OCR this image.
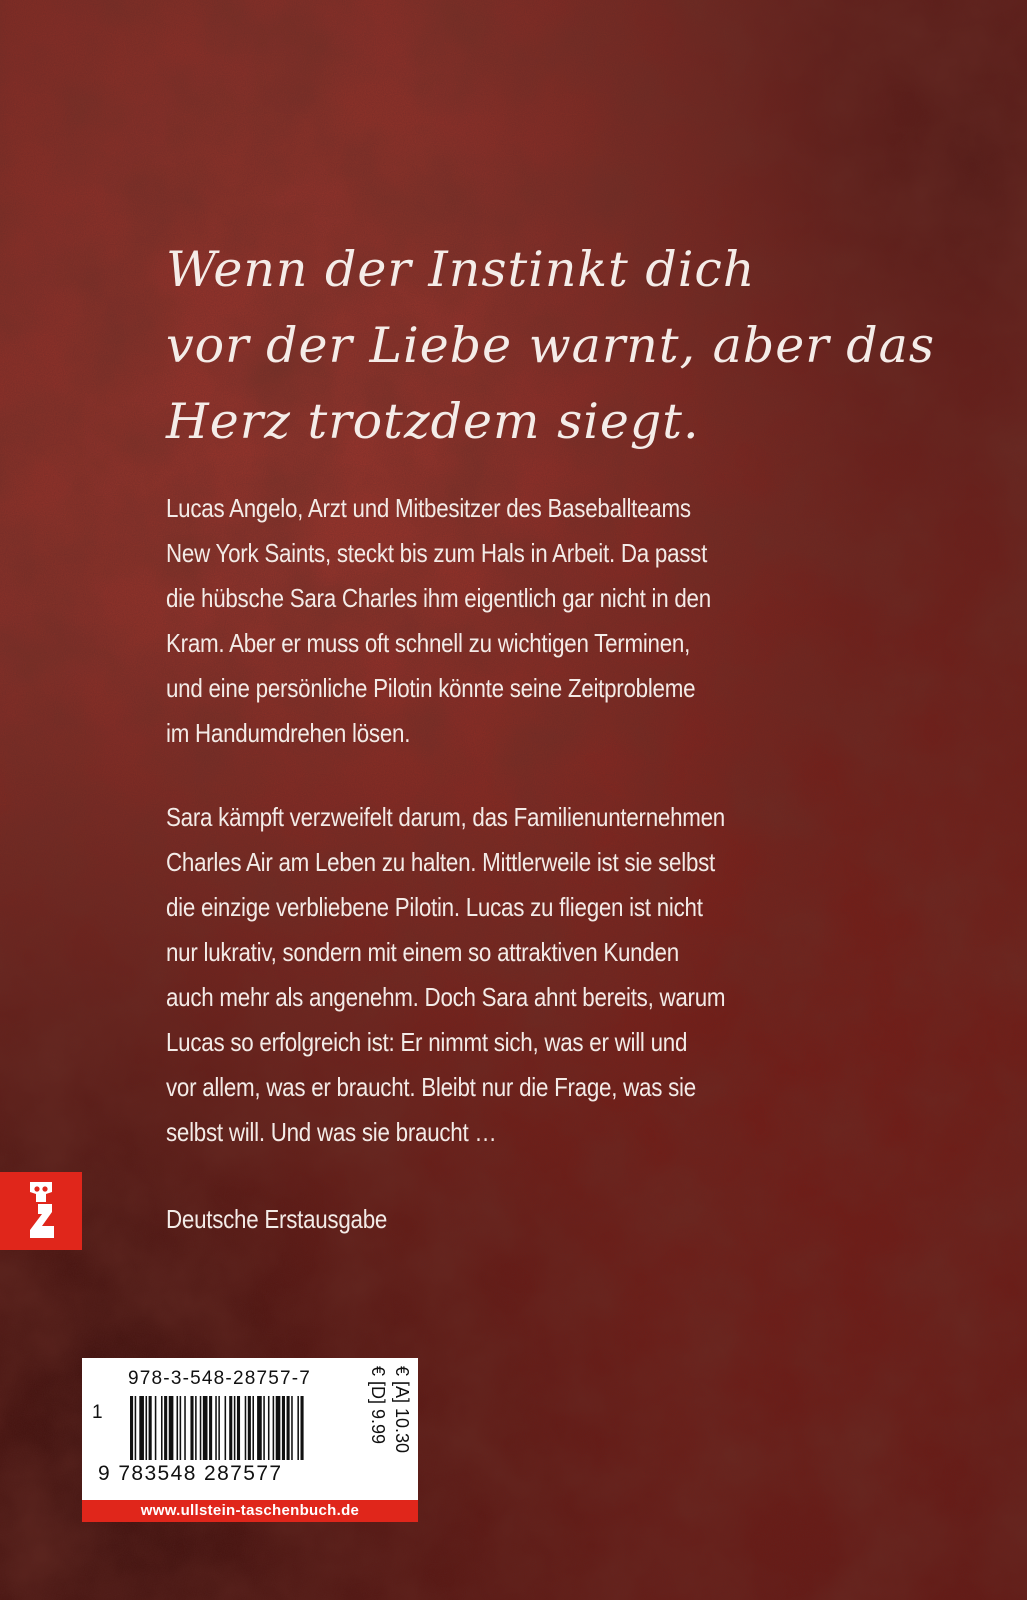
Wenn der Instinkt dich
vor der Liebe warnt, aber das
Herz trotzdem siegt.
Lucas Angelo, Arzt und Mitbesitzer des Baseballteams
New York Saints, steckt bis zum Hals in Arbeit. Da passt
die hübsche Sara Charles ihm eigentlich gar nicht in den
Kram. Aber er muss oft schnell zu wichtigen Terminen,
und eine persönliche Pilotin könnte seine Zeitprobleme
im Handumdrehen lösen.
Sara kämpft verzweifelt darum, das Familienunternehmen
Charles Air am Leben zu halten. Mittlerweile ist sie selbst
die einzige verbliebene Pilotin. Lucas zu fliegen ist nicht
nur lukrativ, sondern mit einem so attraktiven Kunden
auch mehr als angenehm. Doch Sara ahnt bereits, warum
Lucas so erfolgreich ist: Er nimmt sich, was er will und
vor allem, was er braucht. Bleibt nur die Frage, was sie
selbst will. Und was sie braucht …
Deutsche Erstausgabe
978-3-548-28757-7
1
9 783548 287577
€ [D] 9.99 € [A] 10.30
www.ullstein-taschenbuch.de
